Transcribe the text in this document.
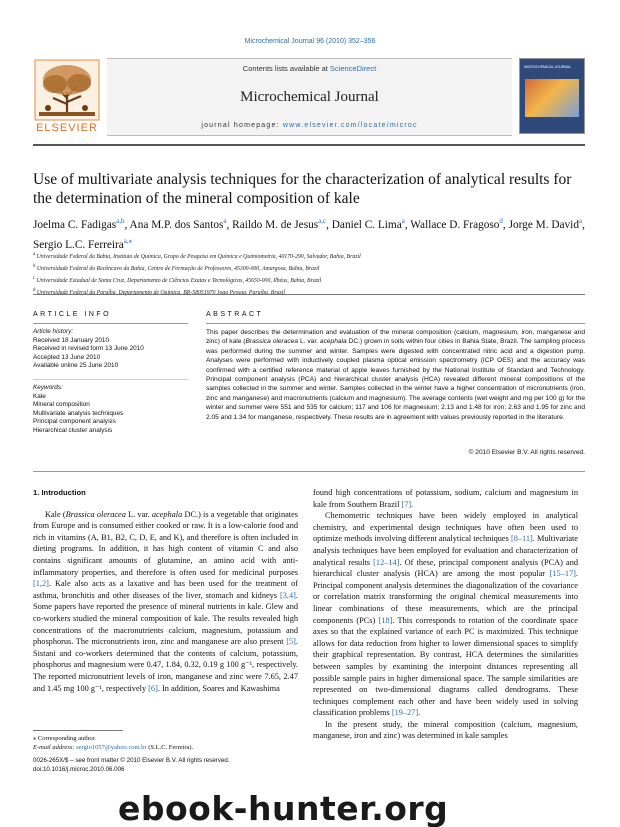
Microchemical Journal 96 (2010) 352–356
ELSEVIER
Contents lists available at ScienceDirect
Microchemical Journal
journal homepage: www.elsevier.com/locate/microc
MICROCHEMICAL JOURNAL
Use of multivariate analysis techniques for the characterization of analytical results for the determination of the mineral composition of kale
Joelma C. Fadigas$^{a,b}$, Ana M.P. dos Santos$^a$, Raildo M. de Jesus$^{a,c}$, Daniel C. Lima$^a$, Wallace D. Fragoso$^d$, Jorge M. David$^a$, Sergio L.C. Ferreira$^{a,⁎}$
$^a$ Universidade Federal da Bahia, Instituto de Química, Grupo de Pesquisa em Química e Quimiometria, 40170-290, Salvador, Bahia, Brazil
$^b$ Universidade Federal do Recôncavo da Bahia, Centro de Formação de Professores, 45300-000, Amargosa, Bahia, Brazil
$^c$ Universidade Estadual de Santa Cruz, Departamento de Ciências Exatas e Tecnológicas, 45650-000, Ilhéus, Bahia, Brazil
$^d$ Universidade Federal da Paraíba, Departamento de Química, BR-58051970 Joao Pessoa, Paraíba, Brazil
ARTICLE INFO	ABSTRACT
Article history:
Received 18 January 2010
Received in revised form 13 June 2010
Accepted 13 June 2010
Available online 25 June 2010
Keywords:
Kale
Mineral composition
Multivariate analysis techniques
Principal component analysis
Hierarchical cluster analysis
This paper describes the determination and evaluation of the mineral composition (calcium, magnesium, iron, manganese and zinc) of kale (Brassica oleracea L. var. acephala DC.) grown in soils within four cities in Bahia State, Brazil. The sampling process was performed during the summer and winter. Samples were digested with concentrated nitric acid and a digestion pump. Analyses were performed with inductively coupled plasma optical emission spectrometry (ICP OES) and the accuracy was confirmed with a certified reference material of apple leaves furnished by the National Institute of Standard and Technology. Principal component analysis (PCA) and hierarchical cluster analysis (HCA) revealed different mineral compositions of the samples collected in the summer and winter. Samples collected in the winter have a higher concentration of micronutrients (iron, zinc and manganese) and macronutrients (calcium and magnesium). The average contents (wet weight and mg per 100 g) for the winter and summer were 551 and 535 for calcium; 117 and 106 for magnesium; 2.13 and 1.48 for iron; 2.63 and 1.95 for zinc and 2.05 and 1.34 for manganese, respectively. These results are in agreement with values previously reported in the literature.
© 2010 Elsevier B.V. All rights reserved.
1. Introduction

Kale (Brassica oleracea L. var. acephala DC.) is a vegetable that originates from Europe and is consumed either cooked or raw. It is a low-calorie food and rich in vitamins (A, B1, B2, C, D, E, and K), and therefore is often included in dieting programs. In addition, it has high content of vitamin C and also contains significant amounts of glutamine, an amino acid with anti-inflammatory properties, and therefore is often used for medicinal purposes [1,2]. Kale also acts as a laxative and has been used for the treatment of asthma, bronchitis and other diseases of the liver, stomach and kidneys [3,4]. Some papers have reported the presence of mineral nutrients in kale. Glew and co-workers studied the mineral composition of kale. The results revealed high concentrations of the macronutrients calcium, magnesium, potassium and phosphorus. The micronutrients iron, zinc and manganese are also present [5]. Sistani and co-workers determined that the contents of calcium, potassium, phosphorus and magnesium were 0.47, 1.84, 0.32, 0.19 g 100 g⁻¹, respectively. The reported micronutrient levels of iron, manganese and zinc were 7.65, 2.47 and 1.45 mg 100 g⁻¹, respectively [6]. In addition, Soares and Kawashima

found high concentrations of potassium, sodium, calcium and magnesium in kale from Southern Brazil [7].

Chemometric techniques have been widely employed in analytical chemistry, and experimental design techniques have often been used to optimize methods involving different analytical techniques [8–11]. Multivariate analysis techniques have been employed for evaluation and characterization of analytical results [12–14]. Of these, principal component analysis (PCA) and hierarchical cluster analysis (HCA) are among the most popular [15–17]. Principal component analysis determines the diagonalization of the covariance or correlation matrix transforming the original chemical measurements into linear combinations of these measurements, which are the principal components (PCs) [18]. This corresponds to rotation of the coordinate space axes so that the explained variance of each PC is maximized. This technique allows for data reduction from higher to lower dimensional spaces to simplify their graphical representation. By contrast, HCA determines the similarities between samples by examining the interpoint distances representing all possible sample pairs in higher dimensional space. The sample similarities are represented on two-dimensional diagrams called dendrograms. These techniques complement each other and have been widely used in solving classification problems [19–27].

In the present study, the mineral composition (calcium, magnesium, manganese, iron and zinc) was determined in kale samples

⁎ Corresponding author.
E-mail address: sergio1057@yahoo.com.br (S.L.C. Ferreira).
0026-265X/$ – see front matter © 2010 Elsevier B.V. All rights reserved.
doi:10.1016/j.microc.2010.06.006
ebook-hunter.org
